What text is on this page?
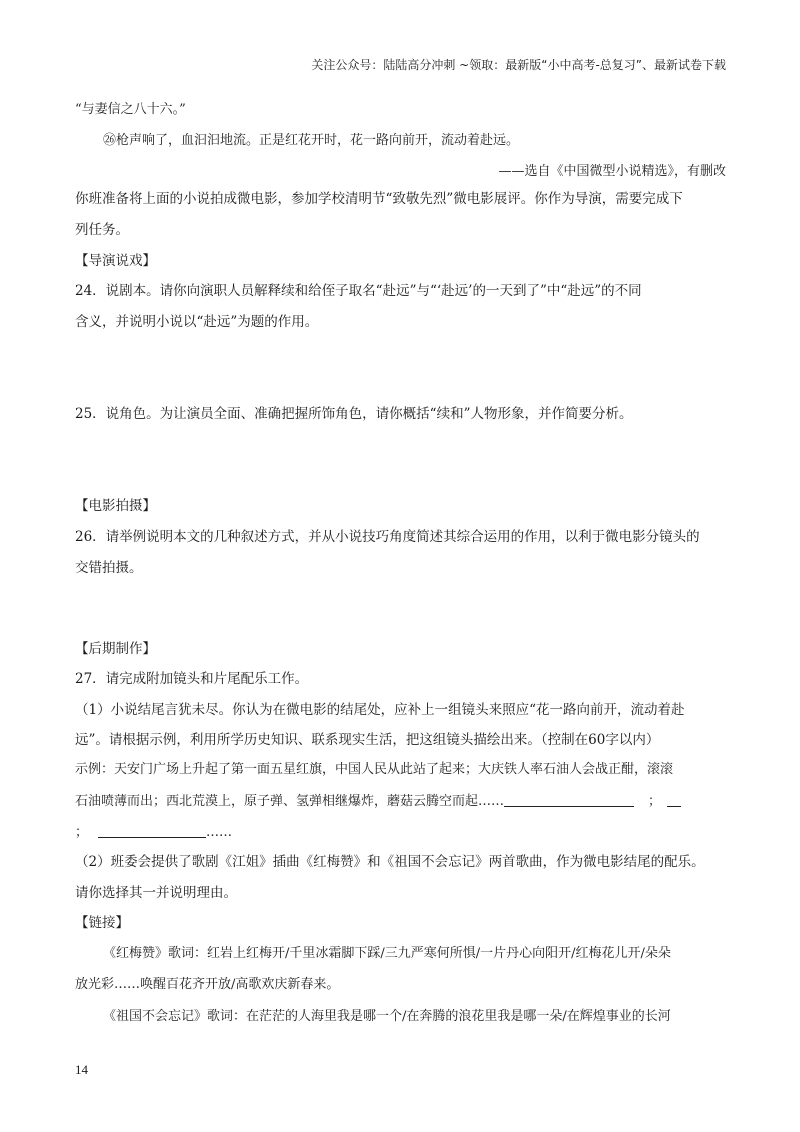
关注公众号：陆陆高分冲刺 ~领取：最新版“小中高考-总复习”、最新试卷下载
“与妻信之八十六。”
㉖枪声响了，血汩汩地流。正是红花开时，花一路向前开，流动着赴远。
——选自《中国微型小说精选》，有删改
你班准备将上面的小说拍成微电影，参加学校清明节“致敬先烈”微电影展评。你作为导演，需要完成下
列任务。
【导演说戏】
24．说剧本。请你向演职人员解释续和给侄子取名“赴远”与“‘赴远’的一天到了”中“赴远”的不同
含义，并说明小说以“赴远”为题的作用。
25．说角色。为让演员全面、准确把握所饰角色，请你概括“续和”人物形象，并作简要分析。
【电影拍摄】
26．请举例说明本文的几种叙述方式，并从小说技巧角度简述其综合运用的作用，以利于微电影分镜头的
交错拍摄。
【后期制作】
27．请完成附加镜头和片尾配乐工作。
（1）小说结尾言犹未尽。你认为在微电影的结尾处，应补上一组镜头来照应“花一路向前开，流动着赴
远”。请根据示例，利用所学历史知识、联系现实生活，把这组镜头描绘出来。（控制在60字以内）
示例：天安门广场上升起了第一面五星红旗，中国人民从此站了起来；大庆铁人率石油人会战正酣，滚滚
石油喷薄而出；西北荒漠上，原子弹、氢弹相继爆炸，蘑菇云腾空而起……	；
；	……
（2）班委会提供了歌剧《江姐》插曲《红梅赞》和《祖国不会忘记》两首歌曲，作为微电影结尾的配乐。
请你选择其一并说明理由。
【链接】
《红梅赞》歌词：红岩上红梅开/千里冰霜脚下踩/三九严寒何所惧/一片丹心向阳开/红梅花儿开/朵朵
放光彩……唤醒百花齐开放/高歌欢庆新春来。
《祖国不会忘记》歌词：在茫茫的人海里我是哪一个/在奔腾的浪花里我是哪一朵/在辉煌事业的长河
14
